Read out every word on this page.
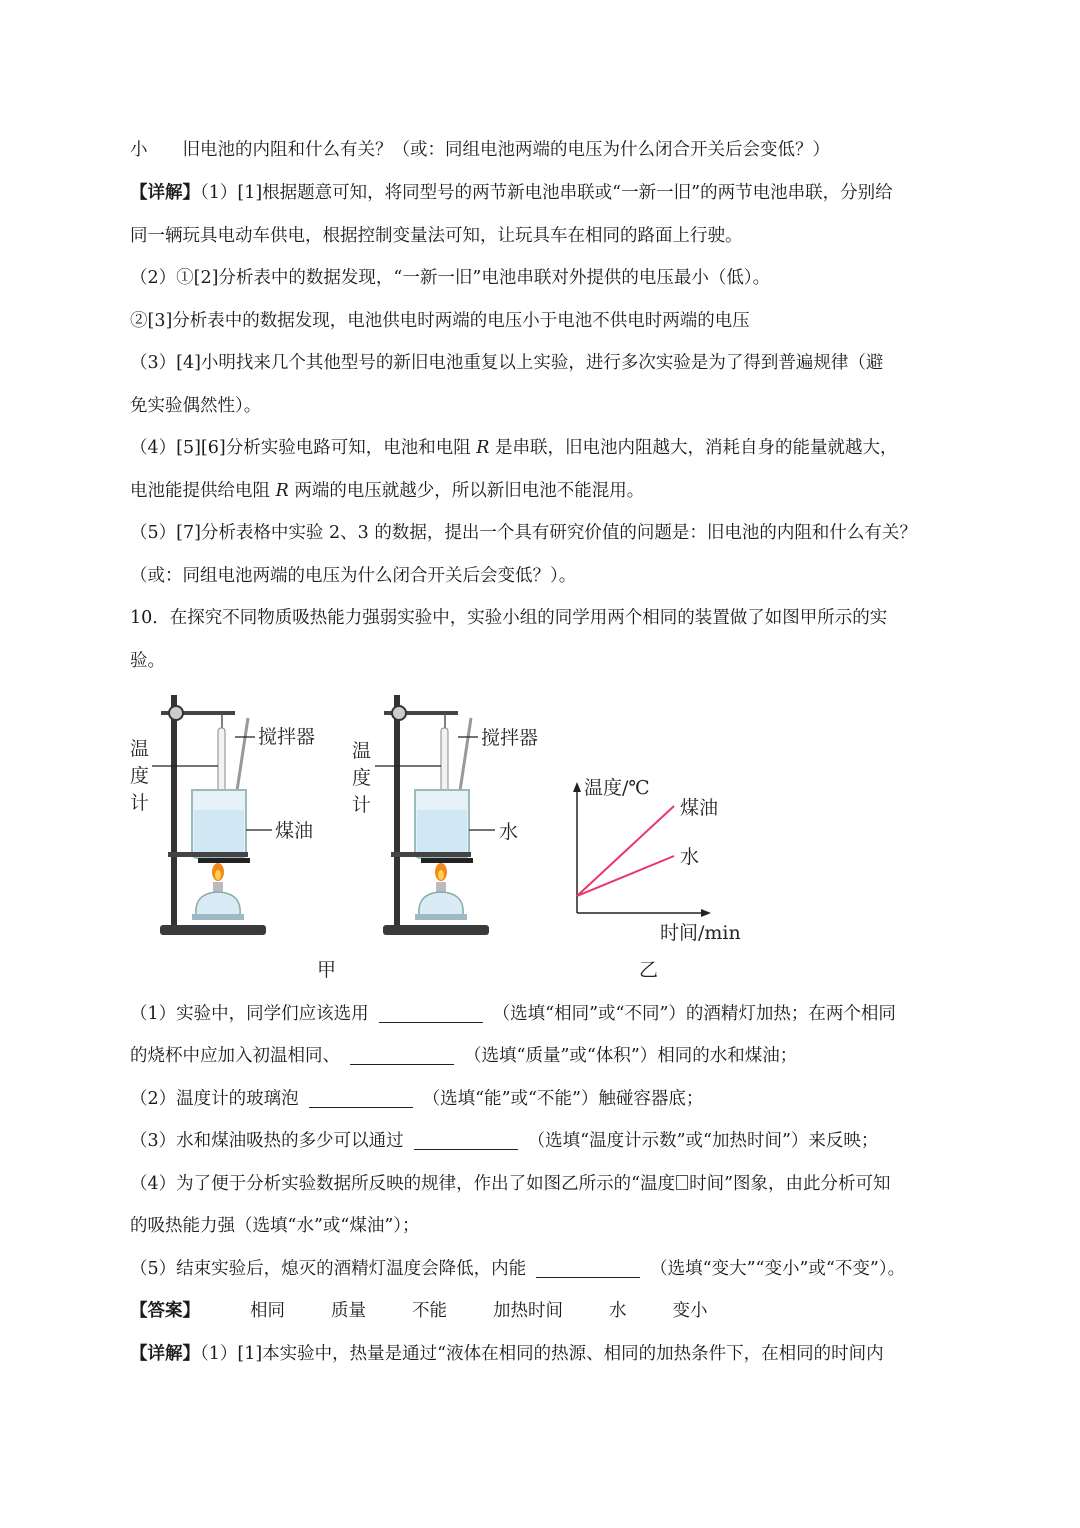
小　　旧电池的内阻和什么有关？（或：同组电池两端的电压为什么闭合开关后会变低？）
【详解】（1）[1]根据题意可知，将同型号的两节新电池串联或“一新一旧”的两节电池串联，分别给
同一辆玩具电动车供电，根据控制变量法可知，让玩具车在相同的路面上行驶。
（2）①[2]分析表中的数据发现，“一新一旧”电池串联对外提供的电压最小（低）。
②[3]分析表中的数据发现，电池供电时两端的电压小于电池不供电时两端的电压
（3）[4]小明找来几个其他型号的新旧电池重复以上实验，进行多次实验是为了得到普遍规律（避
免实验偶然性）。
（4）[5][6]分析实验电路可知，电池和电阻 R 是串联，旧电池内阻越大，消耗自身的能量就越大，
电池能提供给电阻 R 两端的电压就越少，所以新旧电池不能混用。
（5）[7]分析表格中实验 2、3 的数据，提出一个具有研究价值的问题是：旧电池的内阻和什么有关？
（或：同组电池两端的电压为什么闭合开关后会变低？）。
10．在探究不同物质吸热能力强弱实验中，实验小组的同学用两个相同的装置做了如图甲所示的实
验。
温度计
搅拌器
煤油
温度计
搅拌器
水
温度/℃
煤油
水
时间/min
甲	乙
（1）实验中，同学们应该选用	（选填“相同”或“不同”）的酒精灯加热；在两个相同
的烧杯中应加入初温相同、	（选填“质量”或“体积”）相同的水和煤油；
（2）温度计的玻璃泡	（选填“能”或“不能”）触碰容器底；
（3）水和煤油吸热的多少可以通过	（选填“温度计示数”或“加热时间”）来反映；
（4）为了便于分析实验数据所反映的规律，作出了如图乙所示的“温度 时间”图象，由此分析可知
的吸热能力强（选填“水”或“煤油”）；
（5）结束实验后，熄灭的酒精灯温度会降低，内能	（选填“变大”“变小”或“不变”）。
【答案】	相同	质量	不能	加热时间	水	变小
【详解】（1）[1]本实验中，热量是通过“液体在相同的热源、相同的加热条件下，在相同的时间内
